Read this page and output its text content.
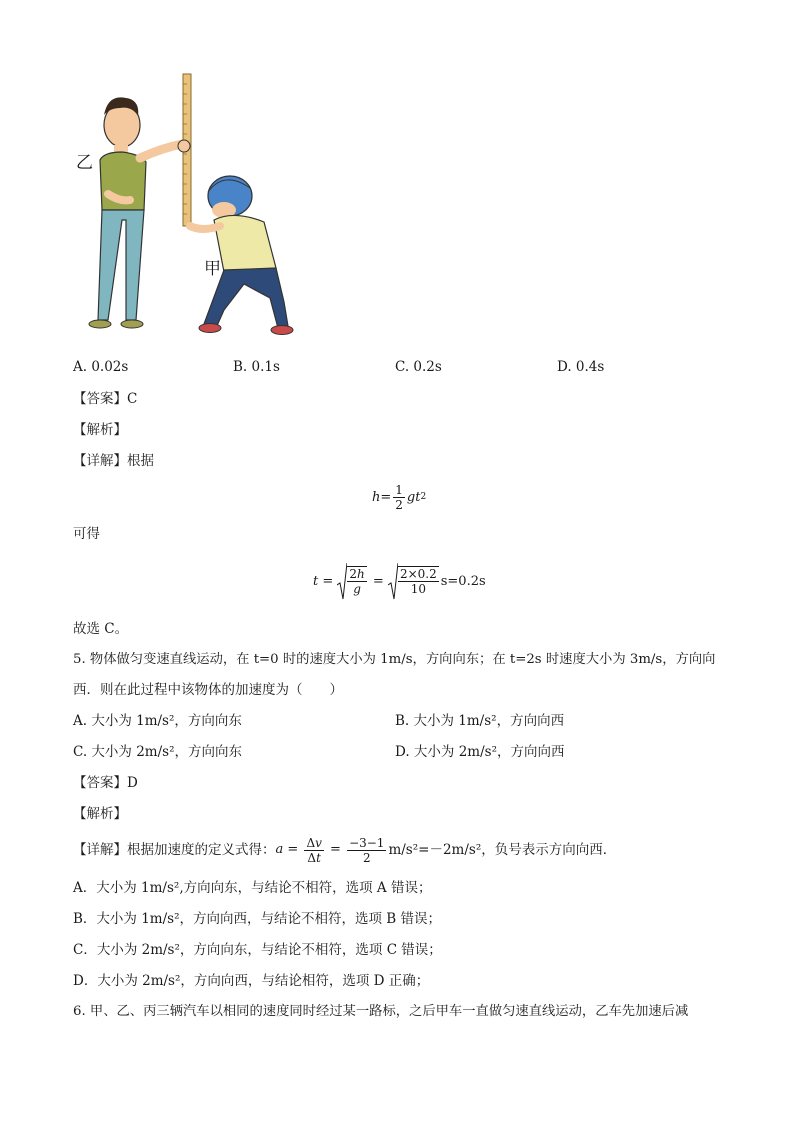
乙
甲
A. 0.02s	B. 0.1s	C. 0.2s	D. 0.4s
【答案】C
【解析】
【详解】根据
$h = \frac{1}{2}$ gt 2
可得
$t = \frac{2h}{g} = \frac{2\times 0.2}{10} s=0.2s$
故选 C。
5. 物体做匀变速直线运动，在 t=0 时的速度大小为 1m/s，方向向东；在 t=2s 时速度大小为 3m/s，方向向
西．则在此过程中该物体的加速度为（　　）
A. 大小为 1m/s²，方向向东	B. 大小为 1m/s²，方向向西
C. 大小为 2m/s²，方向向东	D. 大小为 2m/s²，方向向西
【答案】D
【解析】
【详解】 根据加速度的定义式得： $a = \frac{\Delta v}{\Delta t} = \frac{-3-1}{2} m/s^2=-2m/s^2$，负号表示方向向西．
A．大小为 1m/s²,方向向东，与结论不相符，选项 A 错误；
B．大小为 1m/s²，方向向西，与结论不相符，选项 B 错误；
C．大小为 2m/s²，方向向东，与结论不相符，选项 C 错误；
D．大小为 2m/s²，方向向西，与结论相符，选项 D 正确；
6. 甲、乙、丙三辆汽车以相同的速度同时经过某一路标，之后甲车一直做匀速直线运动，乙车先加速后减
